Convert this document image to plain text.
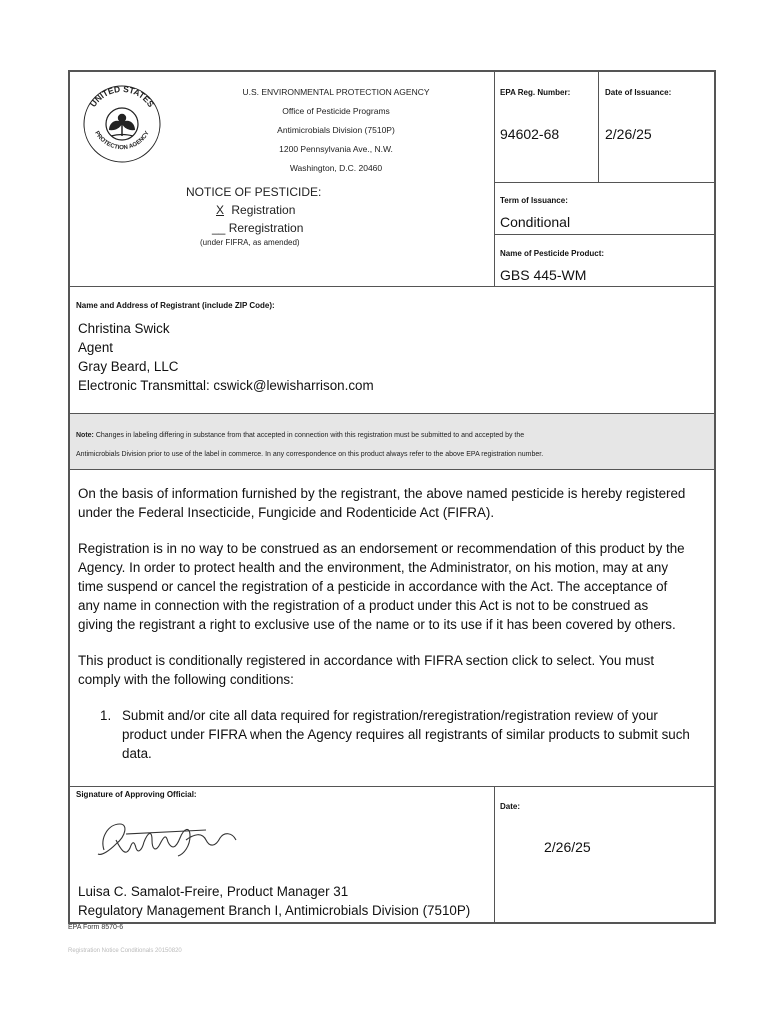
UNITED STATES
PROTECTION AGENCY
U.S. ENVIRONMENTAL PROTECTION AGENCY
Office of Pesticide Programs
Antimicrobials Division (7510P)
1200 Pennsylvania Ave., N.W.
Washington, D.C. 20460
NOTICE OF PESTICIDE:
X Registration
__ Reregistration
(under FIFRA, as amended)
EPA Reg. Number:
94602-68
Date of Issuance:
2/26/25
Term of Issuance:
Conditional
Name of Pesticide Product:
GBS 445-WM
Name and Address of Registrant (include ZIP Code):
Christina Swick
Agent
Gray Beard, LLC
Electronic Transmittal: cswick@lewisharrison.com
Note: Changes in labeling differing in substance from that accepted in connection with this registration must be submitted to and accepted by the
Antimicrobials Division prior to use of the label in commerce. In any correspondence on this product always refer to the above EPA registration number.
On the basis of information furnished by the registrant, the above named pesticide is hereby registered
under the Federal Insecticide, Fungicide and Rodenticide Act (FIFRA).
Registration is in no way to be construed as an endorsement or recommendation of this product by the
Agency. In order to protect health and the environment, the Administrator, on his motion, may at any
time suspend or cancel the registration of a pesticide in accordance with the Act. The acceptance of
any name in connection with the registration of a product under this Act is not to be construed as
giving the registrant a right to exclusive use of the name or to its use if it has been covered by others.
This product is conditionally registered in accordance with FIFRA section click to select. You must
comply with the following conditions:
1. Submit and/or cite all data required for registration/reregistration/registration review of your
product under FIFRA when the Agency requires all registrants of similar products to submit such
data.
Signature of Approving Official:
Luisa C. Samalot-Freire, Product Manager 31
Regulatory Management Branch I, Antimicrobials Division (7510P)
Date:
2/26/25
EPA Form 8570-6
Registration Notice Conditionals 20150820
